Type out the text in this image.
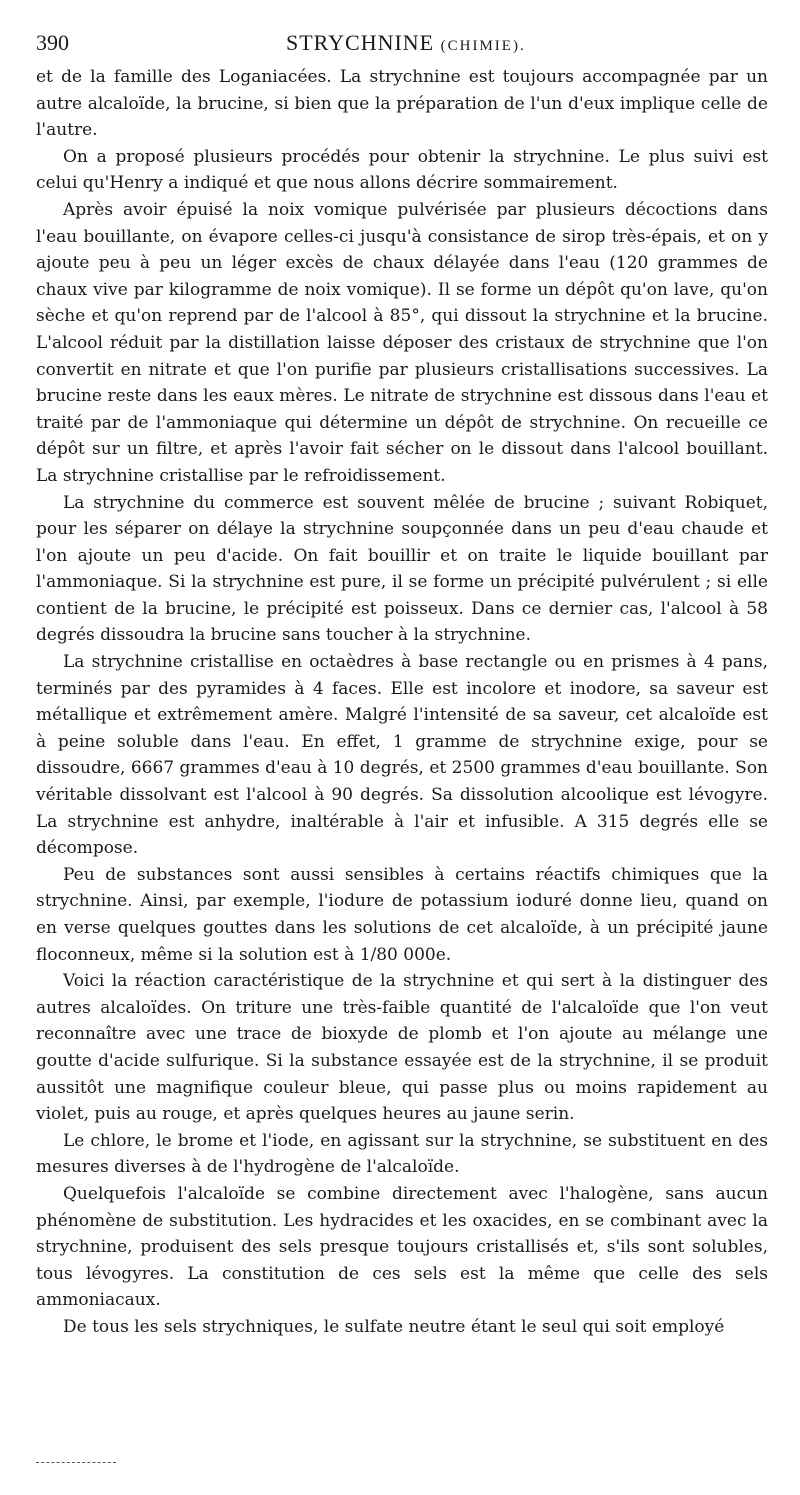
390	STRYCHNINE (CHIMIE).

et de la famille des Loganiacées. La strychnine est toujours accompagnée par un autre alcaloïde, la brucine, si bien que la préparation de l'un d'eux implique celle de l'autre.

On a proposé plusieurs procédés pour obtenir la strychnine. Le plus suivi est celui qu'Henry a indiqué et que nous allons décrire sommairement.

Après avoir épuisé la noix vomique pulvérisée par plusieurs décoctions dans l'eau bouillante, on évapore celles-ci jusqu'à consistance de sirop très-épais, et on y ajoute peu à peu un léger excès de chaux délayée dans l'eau (120 grammes de chaux vive par kilogramme de noix vomique). Il se forme un dépôt qu'on lave, qu'on sèche et qu'on reprend par de l'alcool à 85°, qui dissout la strychnine et la brucine. L'alcool réduit par la distillation laisse déposer des cristaux de strychnine que l'on convertit en nitrate et que l'on purifie par plusieurs cristallisations successives. La brucine reste dans les eaux mères. Le nitrate de strychnine est dissous dans l'eau et traité par de l'ammoniaque qui détermine un dépôt de strychnine. On recueille ce dépôt sur un filtre, et après l'avoir fait sécher on le dissout dans l'alcool bouillant. La strychnine cristallise par le refroidissement.

La strychnine du commerce est souvent mêlée de brucine ; suivant Robiquet, pour les séparer on délaye la strychnine soupçonnée dans un peu d'eau chaude et l'on ajoute un peu d'acide. On fait bouillir et on traite le liquide bouillant par l'ammoniaque. Si la strychnine est pure, il se forme un précipité pulvérulent ; si elle contient de la brucine, le précipité est poisseux. Dans ce dernier cas, l'alcool à 58 degrés dissoudra la brucine sans toucher à la strychnine.

La strychnine cristallise en octaèdres à base rectangle ou en prismes à 4 pans, terminés par des pyramides à 4 faces. Elle est incolore et inodore, sa saveur est métallique et extrêmement amère. Malgré l'intensité de sa saveur, cet alcaloïde est à peine soluble dans l'eau. En effet, 1 gramme de strychnine exige, pour se dissoudre, 6667 grammes d'eau à 10 degrés, et 2500 grammes d'eau bouillante. Son véritable dissolvant est l'alcool à 90 degrés. Sa dissolution alcoolique est lévogyre. La strychnine est anhydre, inaltérable à l'air et infusible. A 315 degrés elle se décompose.

Peu de substances sont aussi sensibles à certains réactifs chimiques que la strychnine. Ainsi, par exemple, l'iodure de potassium ioduré donne lieu, quand on en verse quelques gouttes dans les solutions de cet alcaloïde, à un précipité jaune floconneux, même si la solution est à 1/80 000e.

Voici la réaction caractéristique de la strychnine et qui sert à la distinguer des autres alcaloïdes. On triture une très-faible quantité de l'alcaloïde que l'on veut reconnaître avec une trace de bioxyde de plomb et l'on ajoute au mélange une goutte d'acide sulfurique. Si la substance essayée est de la strychnine, il se produit aussitôt une magnifique couleur bleue, qui passe plus ou moins rapidement au violet, puis au rouge, et après quelques heures au jaune serin.

Le chlore, le brome et l'iode, en agissant sur la strychnine, se substituent en des mesures diverses à de l'hydrogène de l'alcaloïde.

Quelquefois l'alcaloïde se combine directement avec l'halogène, sans aucun phénomène de substitution. Les hydracides et les oxacides, en se combinant avec la strychnine, produisent des sels presque toujours cristallisés et, s'ils sont solubles, tous lévogyres. La constitution de ces sels est la même que celle des sels ammoniacaux.

De tous les sels strychniques, le sulfate neutre étant le seul qui soit employé
